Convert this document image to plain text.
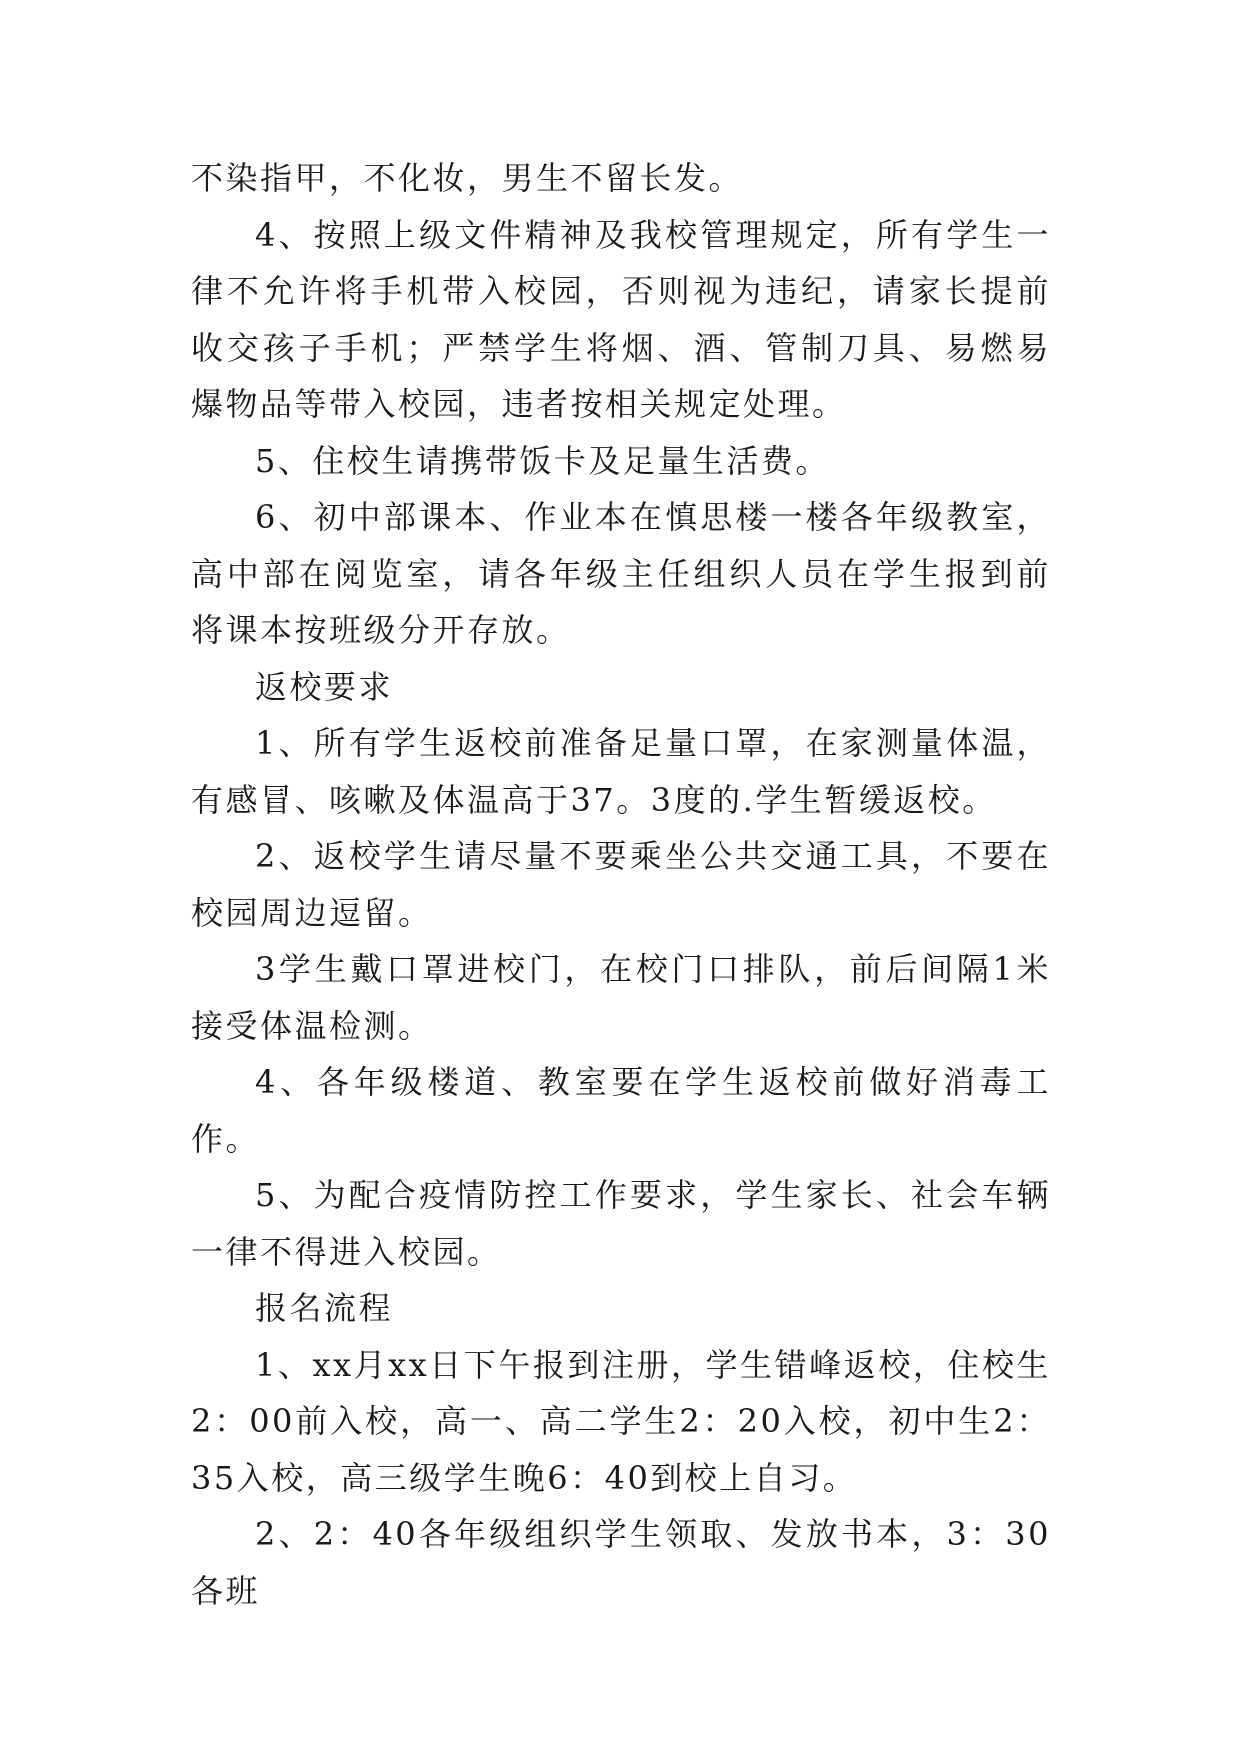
不染指甲，不化妆，男生不留长发。

4、按照上级文件精神及我校管理规定，所有学生一律不允许将手机带入校园，否则视为违纪，请家长提前收交孩子手机；严禁学生将烟、酒、管制刀具、易燃易爆物品等带入校园，违者按相关规定处理。

5、住校生请携带饭卡及足量生活费。

6、初中部课本、作业本在慎思楼一楼各年级教室，高中部在阅览室，请各年级主任组织人员在学生报到前将课本按班级分开存放。

返校要求

1、所有学生返校前准备足量口罩，在家测量体温，有感冒、咳嗽及体温高于37。3度的.学生暂缓返校。

2、返校学生请尽量不要乘坐公共交通工具，不要在校园周边逗留。

3学生戴口罩进校门，在校门口排队，前后间隔1米接受体温检测。

4、各年级楼道、教室要在学生返校前做好消毒工作。

5、为配合疫情防控工作要求，学生家长、社会车辆一律不得进入校园。

报名流程

1、xx月xx日下午报到注册，学生错峰返校，住校生2：00前入校，高一、高二学生2：20入校，初中生2：35入校，高三级学生晚6：40到校上自习。

2、2：40各年级组织学生领取、发放书本，3：30各班
